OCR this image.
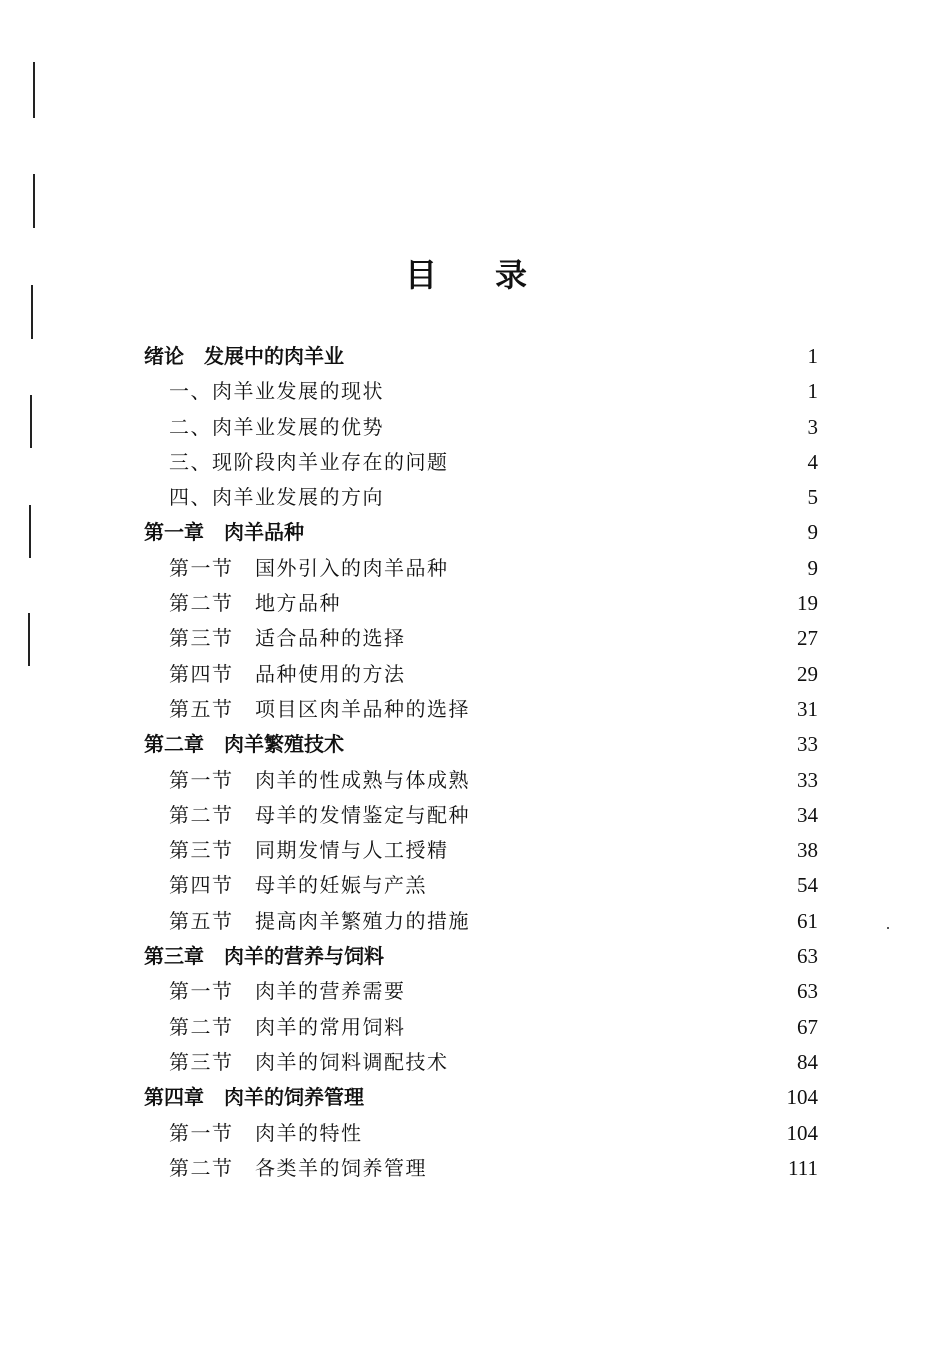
目录
绪论　发展中的肉羊业	1
一、肉羊业发展的现状	1
二、肉羊业发展的优势	3
三、现阶段肉羊业存在的问题	4
四、肉羊业发展的方向	5
第一章　肉羊品种	9
第一节　国外引入的肉羊品种	9
第二节　地方品种	19
第三节　适合品种的选择	27
第四节　品种使用的方法	29
第五节　项目区肉羊品种的选择	31
第二章　肉羊繁殖技术	33
第一节　肉羊的性成熟与体成熟	33
第二节　母羊的发情鉴定与配种	34
第三节　同期发情与人工授精	38
第四节　母羊的妊娠与产羔	54
第五节　提高肉羊繁殖力的措施	61
第三章　肉羊的营养与饲料	63
第一节　肉羊的营养需要	63
第二节　肉羊的常用饲料	67
第三节　肉羊的饲料调配技术	84
第四章　肉羊的饲养管理	104
第一节　肉羊的特性	104
第二节　各类羊的饲养管理	111
